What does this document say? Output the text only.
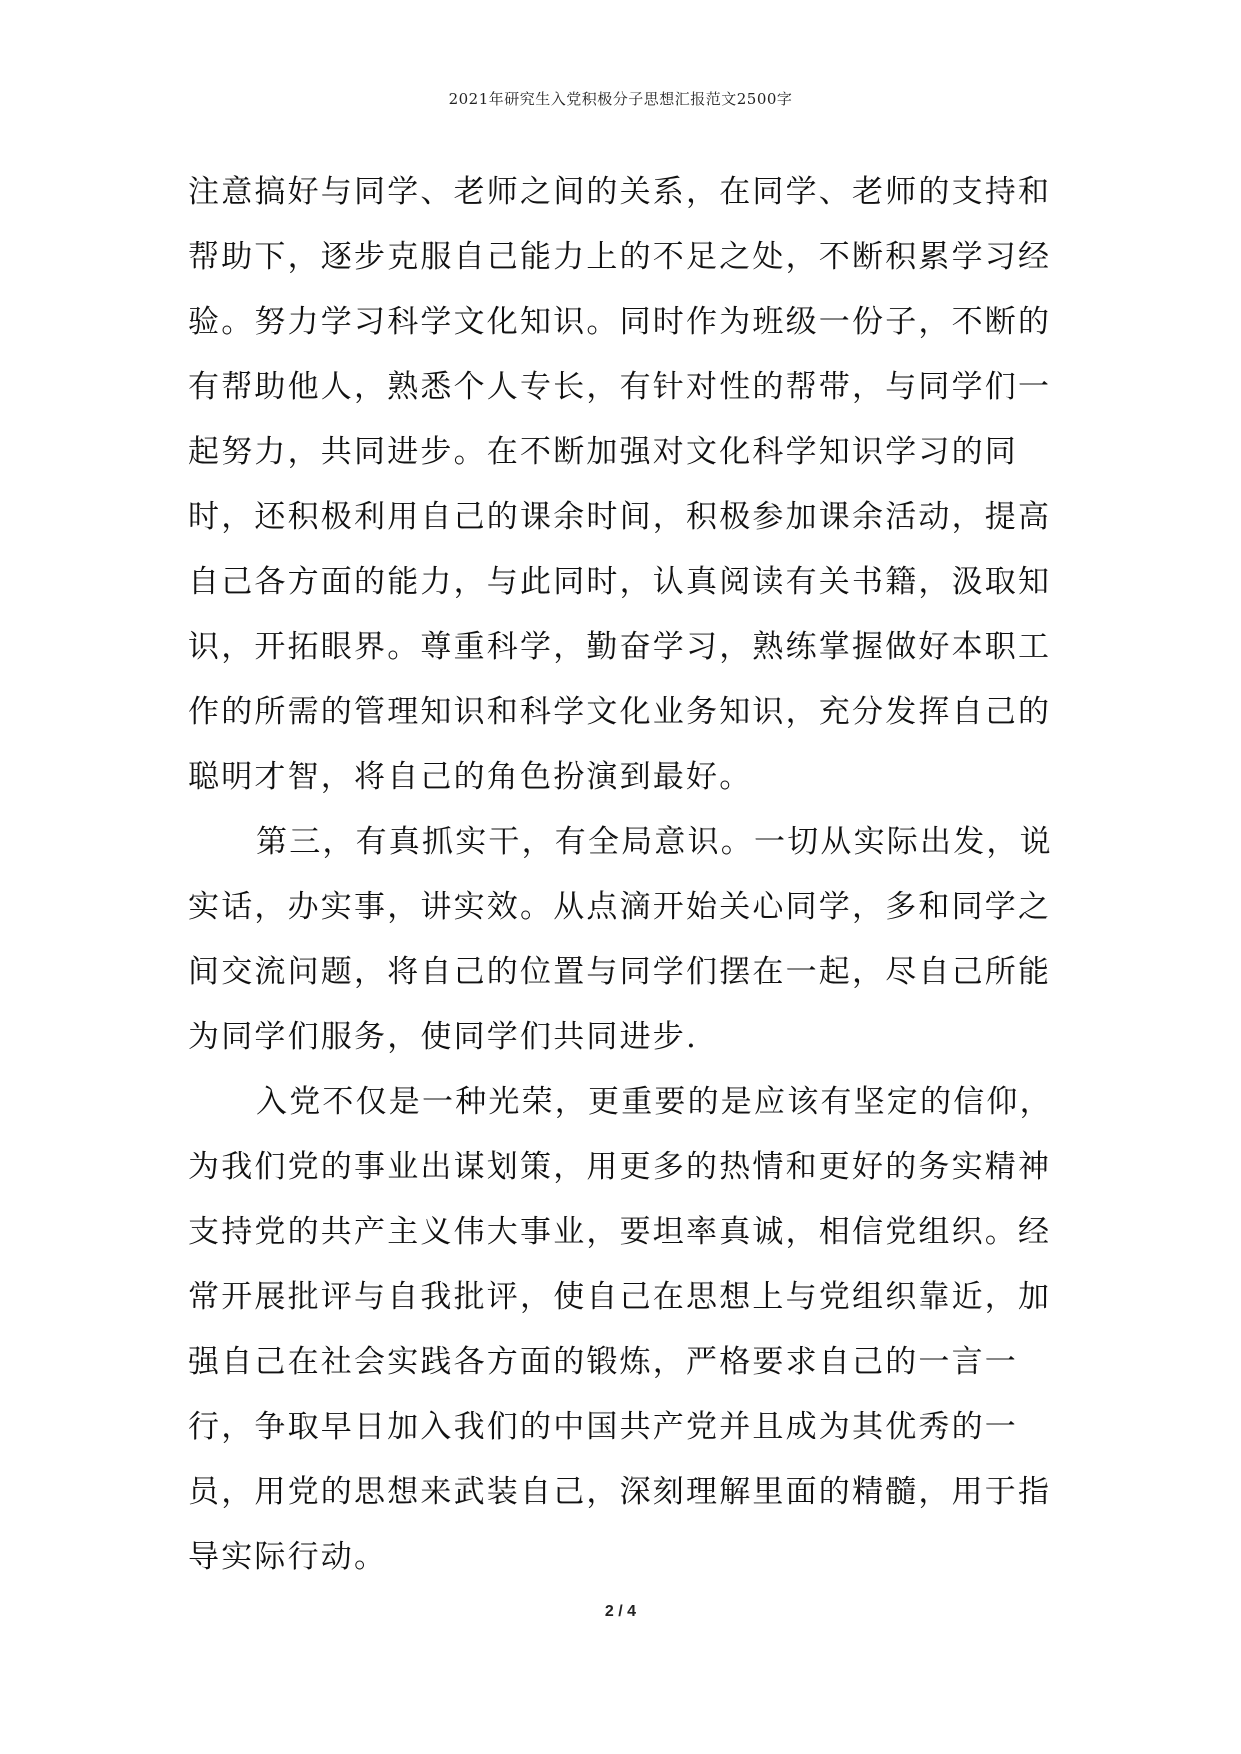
2021年研究生入党积极分子思想汇报范文2500字

注意搞好与同学、老师之间的关系，在同学、老师的支持和帮助下，逐步克服自己能力上的不足之处，不断积累学习经验。努力学习科学文化知识。同时作为班级一份子，不断的有帮助他人，熟悉个人专长，有针对性的帮带，与同学们一起努力，共同进步。在不断加强对文化科学知识学习的同时，还积极利用自己的课余时间，积极参加课余活动，提高自己各方面的能力，与此同时，认真阅读有关书籍，汲取知识，开拓眼界。尊重科学，勤奋学习，熟练掌握做好本职工作的所需的管理知识和科学文化业务知识，充分发挥自己的聪明才智，将自己的角色扮演到最好。

第三，有真抓实干，有全局意识。一切从实际出发，说实话，办实事，讲实效。从点滴开始关心同学，多和同学之间交流问题，将自己的位置与同学们摆在一起，尽自己所能为同学们服务，使同学们共同进步.

入党不仅是一种光荣，更重要的是应该有坚定的信仰，为我们党的事业出谋划策，用更多的热情和更好的务实精神支持党的共产主义伟大事业，要坦率真诚，相信党组织。经常开展批评与自我批评，使自己在思想上与党组织靠近，加强自己在社会实践各方面的锻炼，严格要求自己的一言一行，争取早日加入我们的中国共产党并且成为其优秀的一员，用党的思想来武装自己，深刻理解里面的精髓，用于指导实际行动。

2 / 4
